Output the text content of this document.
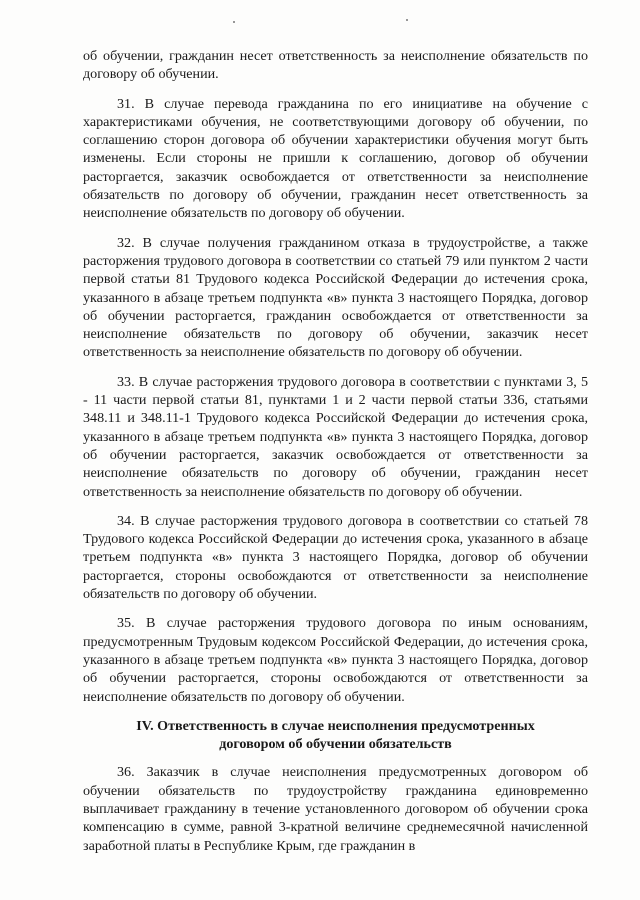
об обучении, гражданин несет ответственность за неисполнение обязательств по договору об обучении.

31. В случае перевода гражданина по его инициативе на обучение с характеристиками обучения, не соответствующими договору об обучении, по соглашению сторон договора об обучении характеристики обучения могут быть изменены. Если стороны не пришли к соглашению, договор об обучении расторгается, заказчик освобождается от ответственности за неисполнение обязательств по договору об обучении, гражданин несет ответственность за неисполнение обязательств по договору об обучении.

32. В случае получения гражданином отказа в трудоустройстве, а также расторжения трудового договора в соответствии со статьей 79 или пунктом 2 части первой статьи 81 Трудового кодекса Российской Федерации до истечения срока, указанного в абзаце третьем подпункта «в» пункта 3 настоящего Порядка, договор об обучении расторгается, гражданин освобождается от ответственности за неисполнение обязательств по договору об обучении, заказчик несет ответственность за неисполнение обязательств по договору об обучении.

33. В случае расторжения трудового договора в соответствии с пунктами 3, 5 - 11 части первой статьи 81, пунктами 1 и 2 части первой статьи 336, статьями 348.11 и 348.11-1 Трудового кодекса Российской Федерации до истечения срока, указанного в абзаце третьем подпункта «в» пункта 3 настоящего Порядка, договор об обучении расторгается, заказчик освобождается от ответственности за неисполнение обязательств по договору об обучении, гражданин несет ответственность за неисполнение обязательств по договору об обучении.

34. В случае расторжения трудового договора в соответствии со статьей 78 Трудового кодекса Российской Федерации до истечения срока, указанного в абзаце третьем подпункта «в» пункта 3 настоящего Порядка, договор об обучении расторгается, стороны освобождаются от ответственности за неисполнение обязательств по договору об обучении.

35. В случае расторжения трудового договора по иным основаниям, предусмотренным Трудовым кодексом Российской Федерации, до истечения срока, указанного в абзаце третьем подпункта «в» пункта 3 настоящего Порядка, договор об обучении расторгается, стороны освобождаются от ответственности за неисполнение обязательств по договору об обучении.

IV. Ответственность в случае неисполнения предусмотренных
договором об обучении обязательств

36. Заказчик в случае неисполнения предусмотренных договором об обучении обязательств по трудоустройству гражданина единовременно выплачивает гражданину в течение установленного договором об обучении срока компенсацию в сумме, равной 3-кратной величине среднемесячной начисленной заработной платы в Республике Крым, где гражданин в
